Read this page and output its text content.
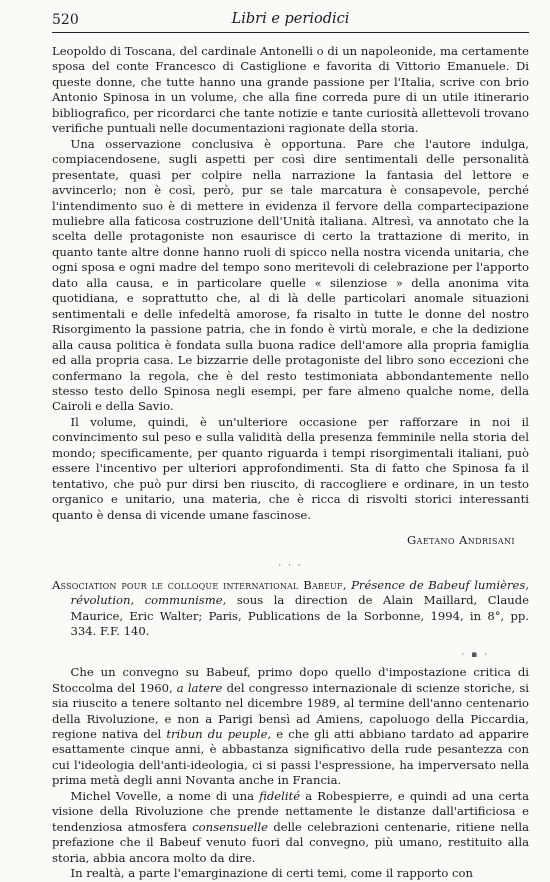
520	Libri e periodici

Leopoldo di Toscana, del cardinale Antonelli o di un napoleonide, ma certamente sposa del conte Francesco di Castiglione e favorita di Vittorio Emanuele. Di queste donne, che tutte hanno una grande passione per l'Italia, scrive con brio Antonio Spinosa in un volume, che alla fine correda pure di un utile itinerario bibliografico, per ricordarci che tante notizie e tante curiosità allettevoli trovano verifiche puntuali nelle documentazioni ragionate della storia.

Una osservazione conclusiva è opportuna. Pare che l'autore indulga, compiacendosene, sugli aspetti per così dire sentimentali delle personalità presentate, quasi per colpire nella narrazione la fantasia del lettore e avvincerlo; non è così, però, pur se tale marcatura è consapevole, perché l'intendimento suo è di mettere in evidenza il fervore della compartecipazione muliebre alla faticosa costruzione dell'Unità italiana. Altresì, va annotato che la scelta delle protagoniste non esaurisce di certo la trattazione di merito, in quanto tante altre donne hanno ruoli di spicco nella nostra vicenda unitaria, che ogni sposa e ogni madre del tempo sono meritevoli di celebrazione per l'apporto dato alla causa, e in particolare quelle « silenziose » della anonima vita quotidiana, e soprattutto che, al di là delle particolari anomale situazioni sentimentali e delle infedeltà amorose, fa risalto in tutte le donne del nostro Risorgimento la passione patria, che in fondo è virtù morale, e che la dedizione alla causa politica è fondata sulla buona radice dell'amore alla propria famiglia ed alla propria casa. Le bizzarrie delle protagoniste del libro sono eccezioni che confermano la regola, che è del resto testimoniata abbondantemente nello stesso testo dello Spinosa negli esempi, per fare almeno qualche nome, della Cairoli e della Savio.

Il volume, quindi, è un'ulteriore occasione per rafforzare in noi il convincimento sul peso e sulla validità della presenza femminile nella storia del mondo; specificamente, per quanto riguarda i tempi risorgimentali italiani, può essere l'incentivo per ulteriori approfondimenti. Sta di fatto che Spinosa fa il tentativo, che può pur dirsi ben riuscito, di raccogliere e ordinare, in un testo organico e unitario, una materia, che è ricca di risvolti storici interessanti quanto è densa di vicende umane fascinose.

Gaetano Andrisani
· · ·
Association pour le colloque international Babeuf, Présence de Babeuf lumières, révolution, communisme, sous la direction de Alain Maillard, Claude Maurice, Eric Walter; Paris, Publications de la Sorbonne, 1994, in 8°, pp. 334. F.F. 140.
· ▪ ·

Che un convegno su Babeuf, primo dopo quello d'impostazione critica di Stoccolma del 1960, a latere del congresso internazionale di scienze storiche, si sia riuscito a tenere soltanto nel dicembre 1989, al termine dell'anno centenario della Rivoluzione, e non a Parigi bensì ad Amiens, capoluogo della Piccardia, regione nativa del tribun du peuple, e che gli atti abbiano tardato ad apparire esattamente cinque anni, è abbastanza significativo della rude pesantezza con cui l'ideologia dell'anti-ideologia, ci si passi l'espressione, ha imperversato nella prima metà degli anni Novanta anche in Francia.

Michel Vovelle, a nome di una fidelité a Robespierre, e quindi ad una certa visione della Rivoluzione che prende nettamente le distanze dall'artificiosa e tendenziosa atmosfera consensuelle delle celebrazioni centenarie, ritiene nella prefazione che il Babeuf venuto fuori dal convegno, più umano, restituito alla storia, abbia ancora molto da dire.

In realtà, a parte l'emarginazione di certi temi, come il rapporto con
